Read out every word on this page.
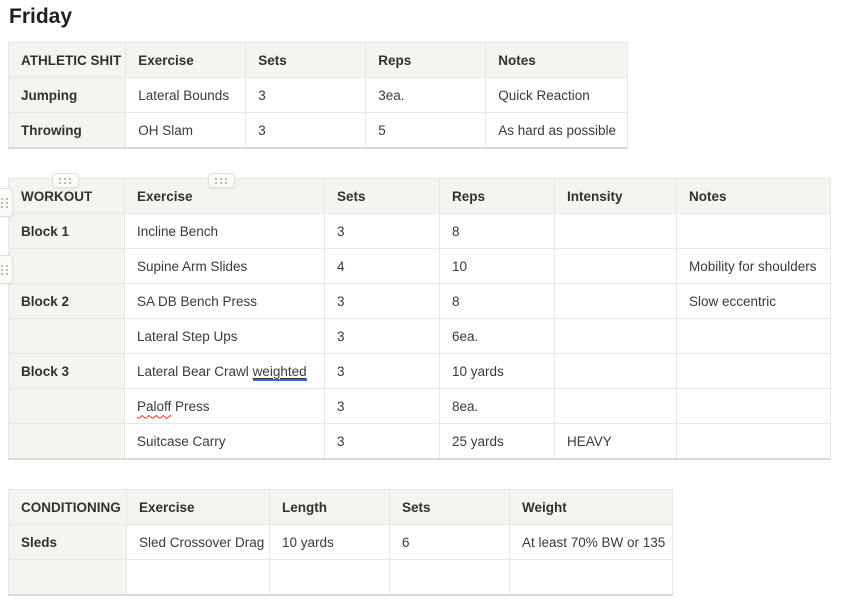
Friday
ATHLETIC SHIT	Exercise	Sets	Reps	Notes
Jumping	Lateral Bounds	3	3ea.	Quick Reaction
Throwing	OH Slam	3	5	As hard as possible
WORKOUT	Exercise	Sets	Reps	Intensity	Notes
Block 1	Incline Bench	3	8		
	Supine Arm Slides	4	10		Mobility for shoulders
Block 2	SA DB Bench Press	3	8		Slow eccentric
	Lateral Step Ups	3	6ea.		
Block 3	Lateral Bear Crawl weighted	3	10 yards		
	Paloff Press	3	8ea.		
	Suitcase Carry	3	25 yards	HEAVY	
CONDITIONING	Exercise	Length	Sets	Weight
Sleds	Sled Crossover Drag	10 yards	6	At least 70% BW or 135
